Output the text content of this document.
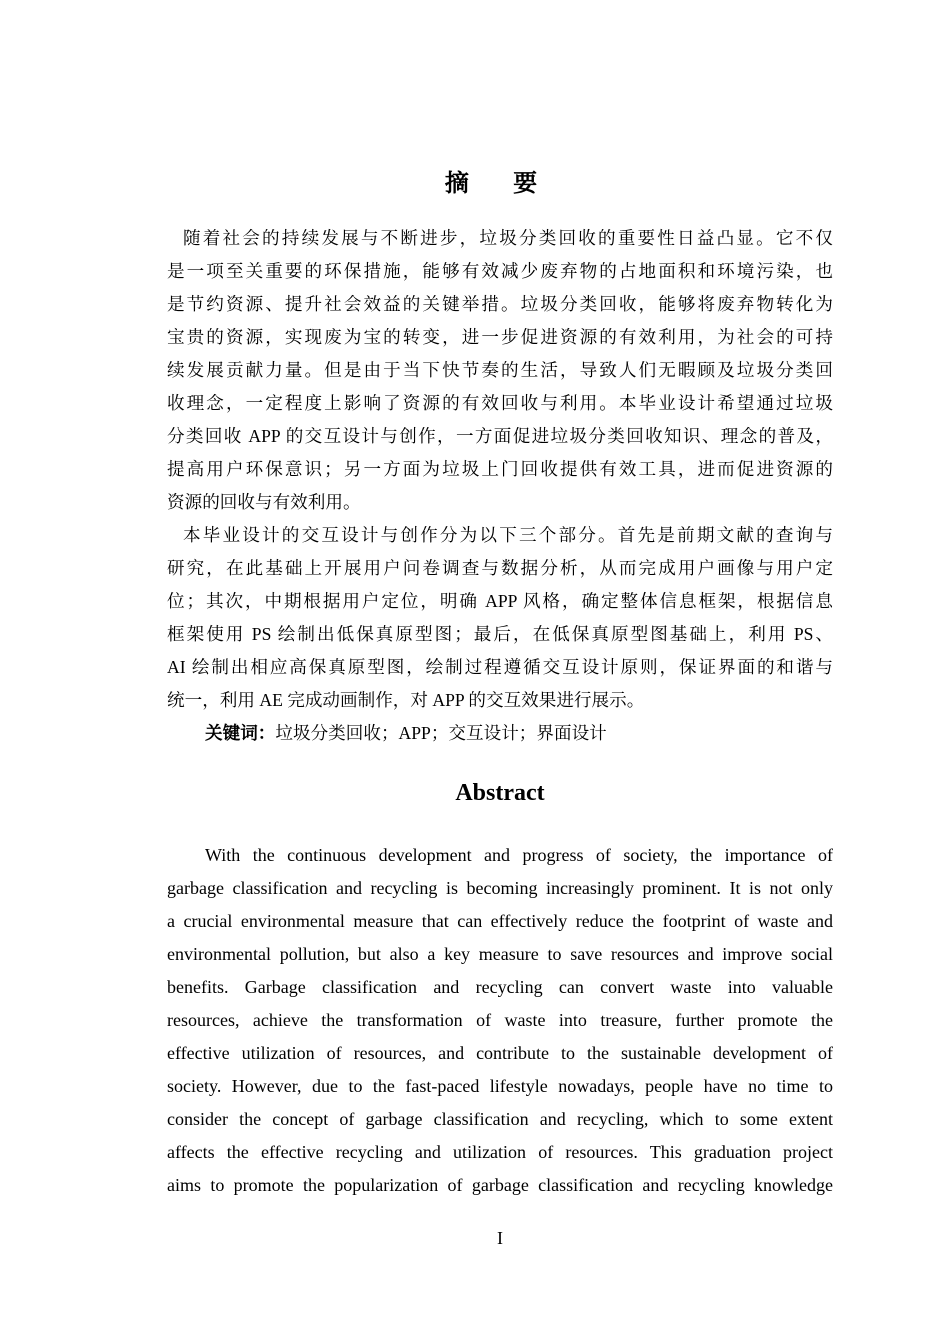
摘 要
随着社会的持续发展与不断进步，垃圾分类回收的重要性日益凸显。它不仅
是一项至关重要的环保措施，能够有效减少废弃物的占地面积和环境污染，也
是节约资源、提升社会效益的关键举措。垃圾分类回收，能够将废弃物转化为
宝贵的资源，实现废为宝的转变，进一步促进资源的有效利用，为社会的可持
续发展贡献力量。但是由于当下快节奏的生活，导致人们无暇顾及垃圾分类回
收理念，一定程度上影响了资源的有效回收与利用。本毕业设计希望通过垃圾
分类回收 APP 的交互设计与创作，一方面促进垃圾分类回收知识、理念的普及，
提高用户环保意识；另一方面为垃圾上门回收提供有效工具，进而促进资源的
资源的回收与有效利用。
本毕业设计的交互设计与创作分为以下三个部分。首先是前期文献的查询与
研究，在此基础上开展用户问卷调查与数据分析，从而完成用户画像与用户定
位；其次，中期根据用户定位，明确 APP 风格，确定整体信息框架，根据信息
框架使用 PS 绘制出低保真原型图；最后，在低保真原型图基础上，利用 PS、
AI 绘制出相应高保真原型图，绘制过程遵循交互设计原则，保证界面的和谐与
统一，利用 AE 完成动画制作，对 APP 的交互效果进行展示。
关键词：垃圾分类回收；APP；交互设计；界面设计
Abstract
With the continuous development and progress of society, the importance of
garbage classification and recycling is becoming increasingly prominent. It is not only
a crucial environmental measure that can effectively reduce the footprint of waste and
environmental pollution, but also a key measure to save resources and improve social
benefits. Garbage classification and recycling can convert waste into valuable
resources, achieve the transformation of waste into treasure, further promote the
effective utilization of resources, and contribute to the sustainable development of
society. However, due to the fast-paced lifestyle nowadays, people have no time to
consider the concept of garbage classification and recycling, which to some extent
affects the effective recycling and utilization of resources. This graduation project
aims to promote the popularization of garbage classification and recycling knowledge
I
